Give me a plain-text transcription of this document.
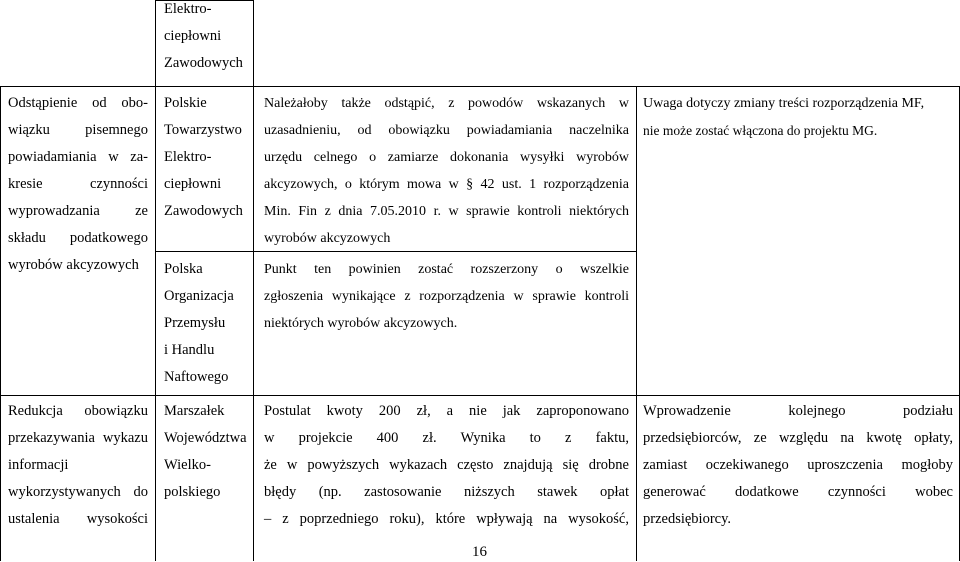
Elektro-
ciepłowni
Zawodowych
Odstąpienie od obo-
wiązku pisemnego
powiadamiania w za-
kresie czynności
wyprowadzania ze
składu podatkowego
wyrobów akcyzowych
Polskie
Towarzystwo
Elektro-
ciepłowni
Zawodowych
Należałoby także odstąpić, z powodów wskazanych w
uzasadnieniu, od obowiązku powiadamiania naczelnika
urzędu celnego o zamiarze dokonania wysyłki wyrobów
akcyzowych, o którym mowa w § 42 ust. 1 rozporządzenia
Min. Fin z dnia 7.05.2010 r. w sprawie kontroli niektórych
wyrobów akcyzowych
Polska
Organizacja
Przemysłu
i Handlu
Naftowego
Punkt ten powinien zostać rozszerzony o wszelkie
zgłoszenia wynikające z rozporządzenia w sprawie kontroli
niektórych wyrobów akcyzowych.
Uwaga dotyczy zmiany treści rozporządzenia MF,
nie może zostać włączona do projektu MG.
Redukcja obowiązku
przekazywania wykazu
informacji
wykorzystywanych do
ustalenia wysokości
Marszałek
Województwa
Wielko-
polskiego
Postulat kwoty 200 zł, a nie jak zaproponowano
w projekcie 400 zł. Wynika to z faktu,
że w powyższych wykazach często znajdują się drobne
błędy (np. zastosowanie niższych stawek opłat
– z poprzedniego roku), które wpływają na wysokość,
Wprowadzenie kolejnego podziału
przedsiębiorców, ze względu na kwotę opłaty,
zamiast oczekiwanego uproszczenia mogłoby
generować dodatkowe czynności wobec
przedsiębiorcy.
16
